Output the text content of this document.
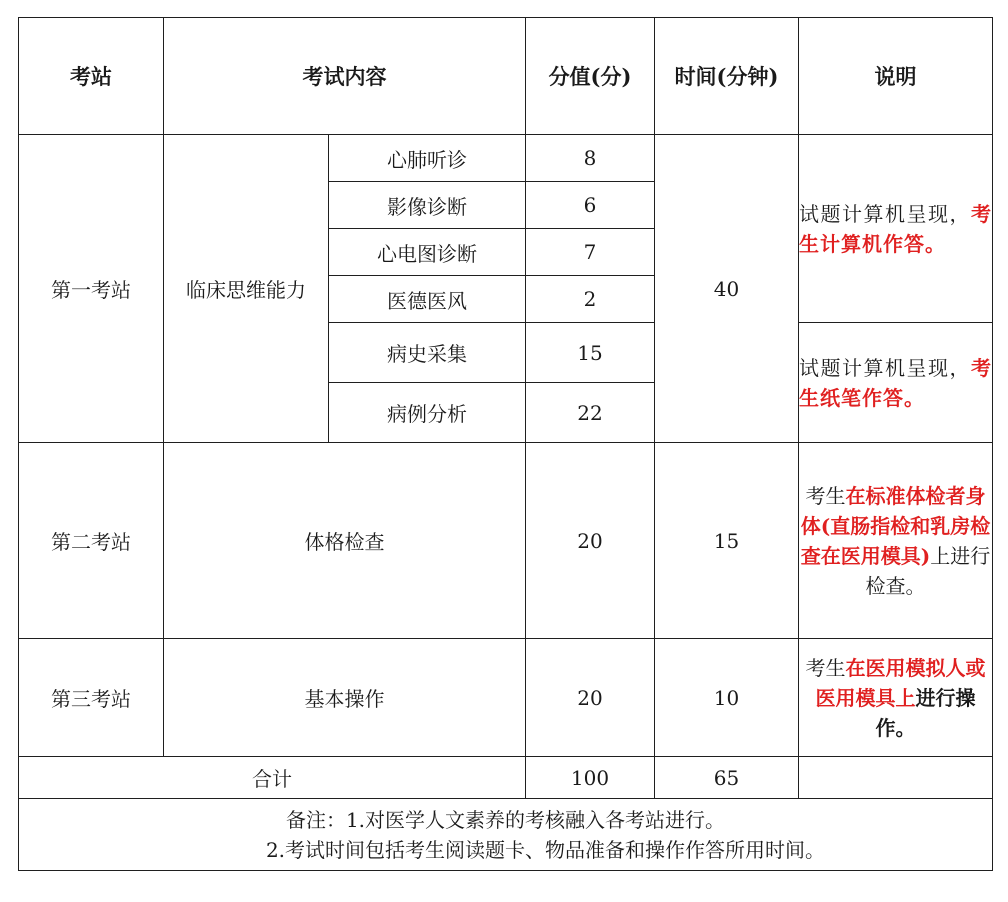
考站	考试内容		分值(分)	时间(分钟)	说明
第一考站	临床思维能力	心肺听诊	8	40	试题计算机呈现，考生计算机作答。
		影像诊断	6		
		心电图诊断	7		
		医德医风	2		
		病史采集	15		试题计算机呈现，考生纸笔作答。
		病例分析	22		
第二考站	体格检查		20	15	考生在标准体检者身体(直肠指检和乳房检查在医用模具)上进行检查。
第三考站	基本操作		20	10	考生在医用模拟人或医用模具上进行操作。
合计			100	65	

备注：1.对医学人文素养的考核融入各考站进行。
2.考试时间包括考生阅读题卡、物品准备和操作作答所用时间。					
